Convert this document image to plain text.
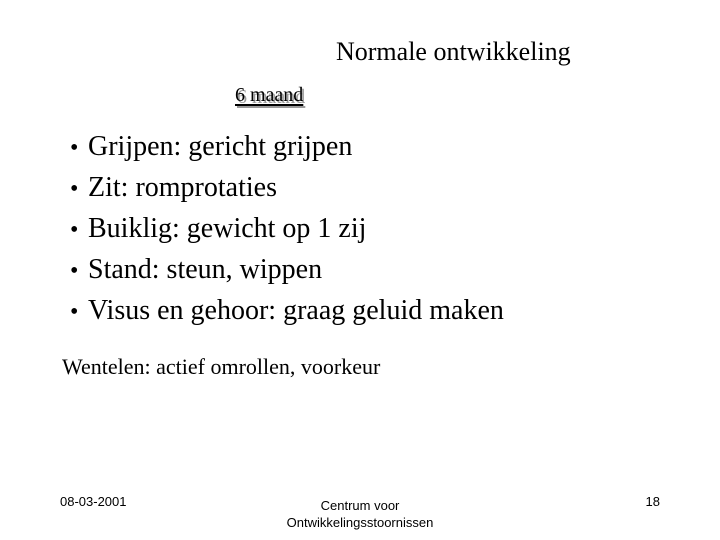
Normale ontwikkeling
6 maand
• Grijpen: gericht grijpen
• Zit: romprotaties
• Buiklig: gewicht op 1 zij
• Stand: steun, wippen
• Visus en gehoor: graag geluid maken
Wentelen: actief omrollen, voorkeur
08-03-2001	Centrum voor
Ontwikkelingsstoornissen
18
